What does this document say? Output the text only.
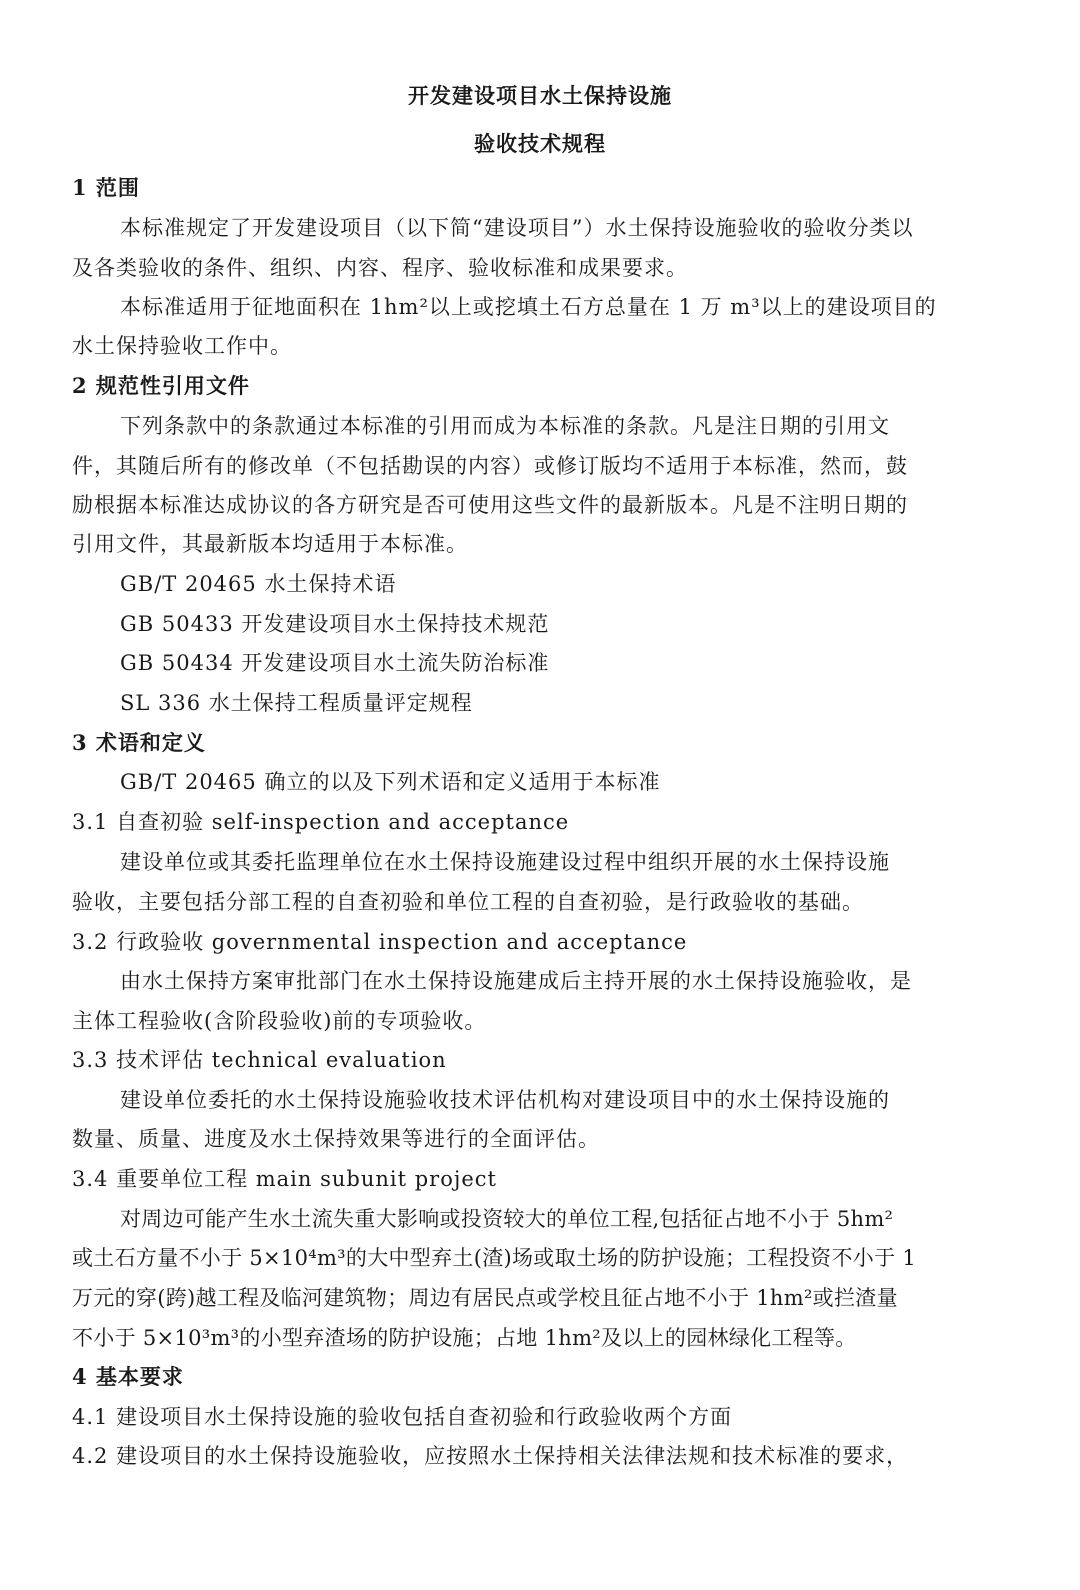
开发建设项目水土保持设施
验收技术规程
1 范围
本标准规定了开发建设项目（以下简“建设项目”）水土保持设施验收的验收分类以
及各类验收的条件、组织、内容、程序、验收标准和成果要求。
本标准适用于征地面积在 1hm²以上或挖填土石方总量在 1 万 m³以上的建设项目的
水土保持验收工作中。
2 规范性引用文件
下列条款中的条款通过本标准的引用而成为本标准的条款。凡是注日期的引用文
件，其随后所有的修改单（不包括勘误的内容）或修订版均不适用于本标准，然而，鼓
励根据本标准达成协议的各方研究是否可使用这些文件的最新版本。凡是不注明日期的
引用文件，其最新版本均适用于本标准。
GB/T 20465 水土保持术语
GB 50433 开发建设项目水土保持技术规范
GB 50434 开发建设项目水土流失防治标准
SL 336 水土保持工程质量评定规程
3 术语和定义
GB/T 20465 确立的以及下列术语和定义适用于本标准
3.1 自查初验 self-inspection and acceptance
建设单位或其委托监理单位在水土保持设施建设过程中组织开展的水土保持设施
验收，主要包括分部工程的自查初验和单位工程的自查初验，是行政验收的基础。
3.2 行政验收 governmental inspection and acceptance
由水土保持方案审批部门在水土保持设施建成后主持开展的水土保持设施验收，是
主体工程验收(含阶段验收)前的专项验收。
3.3 技术评估 technical evaluation
建设单位委托的水土保持设施验收技术评估机构对建设项目中的水土保持设施的
数量、质量、进度及水土保持效果等进行的全面评估。
3.4 重要单位工程 main subunit project
对周边可能产生水土流失重大影响或投资较大的单位工程,包括征占地不小于 5hm²
或土石方量不小于 5×10⁴m³的大中型弃土(渣)场或取土场的防护设施；工程投资不小于 1
万元的穿(跨)越工程及临河建筑物；周边有居民点或学校且征占地不小于 1hm²或拦渣量
不小于 5×10³m³的小型弃渣场的防护设施；占地 1hm²及以上的园林绿化工程等。
4 基本要求
4.1 建设项目水土保持设施的验收包括自查初验和行政验收两个方面
4.2 建设项目的水土保持设施验收，应按照水土保持相关法律法规和技术标准的要求，
